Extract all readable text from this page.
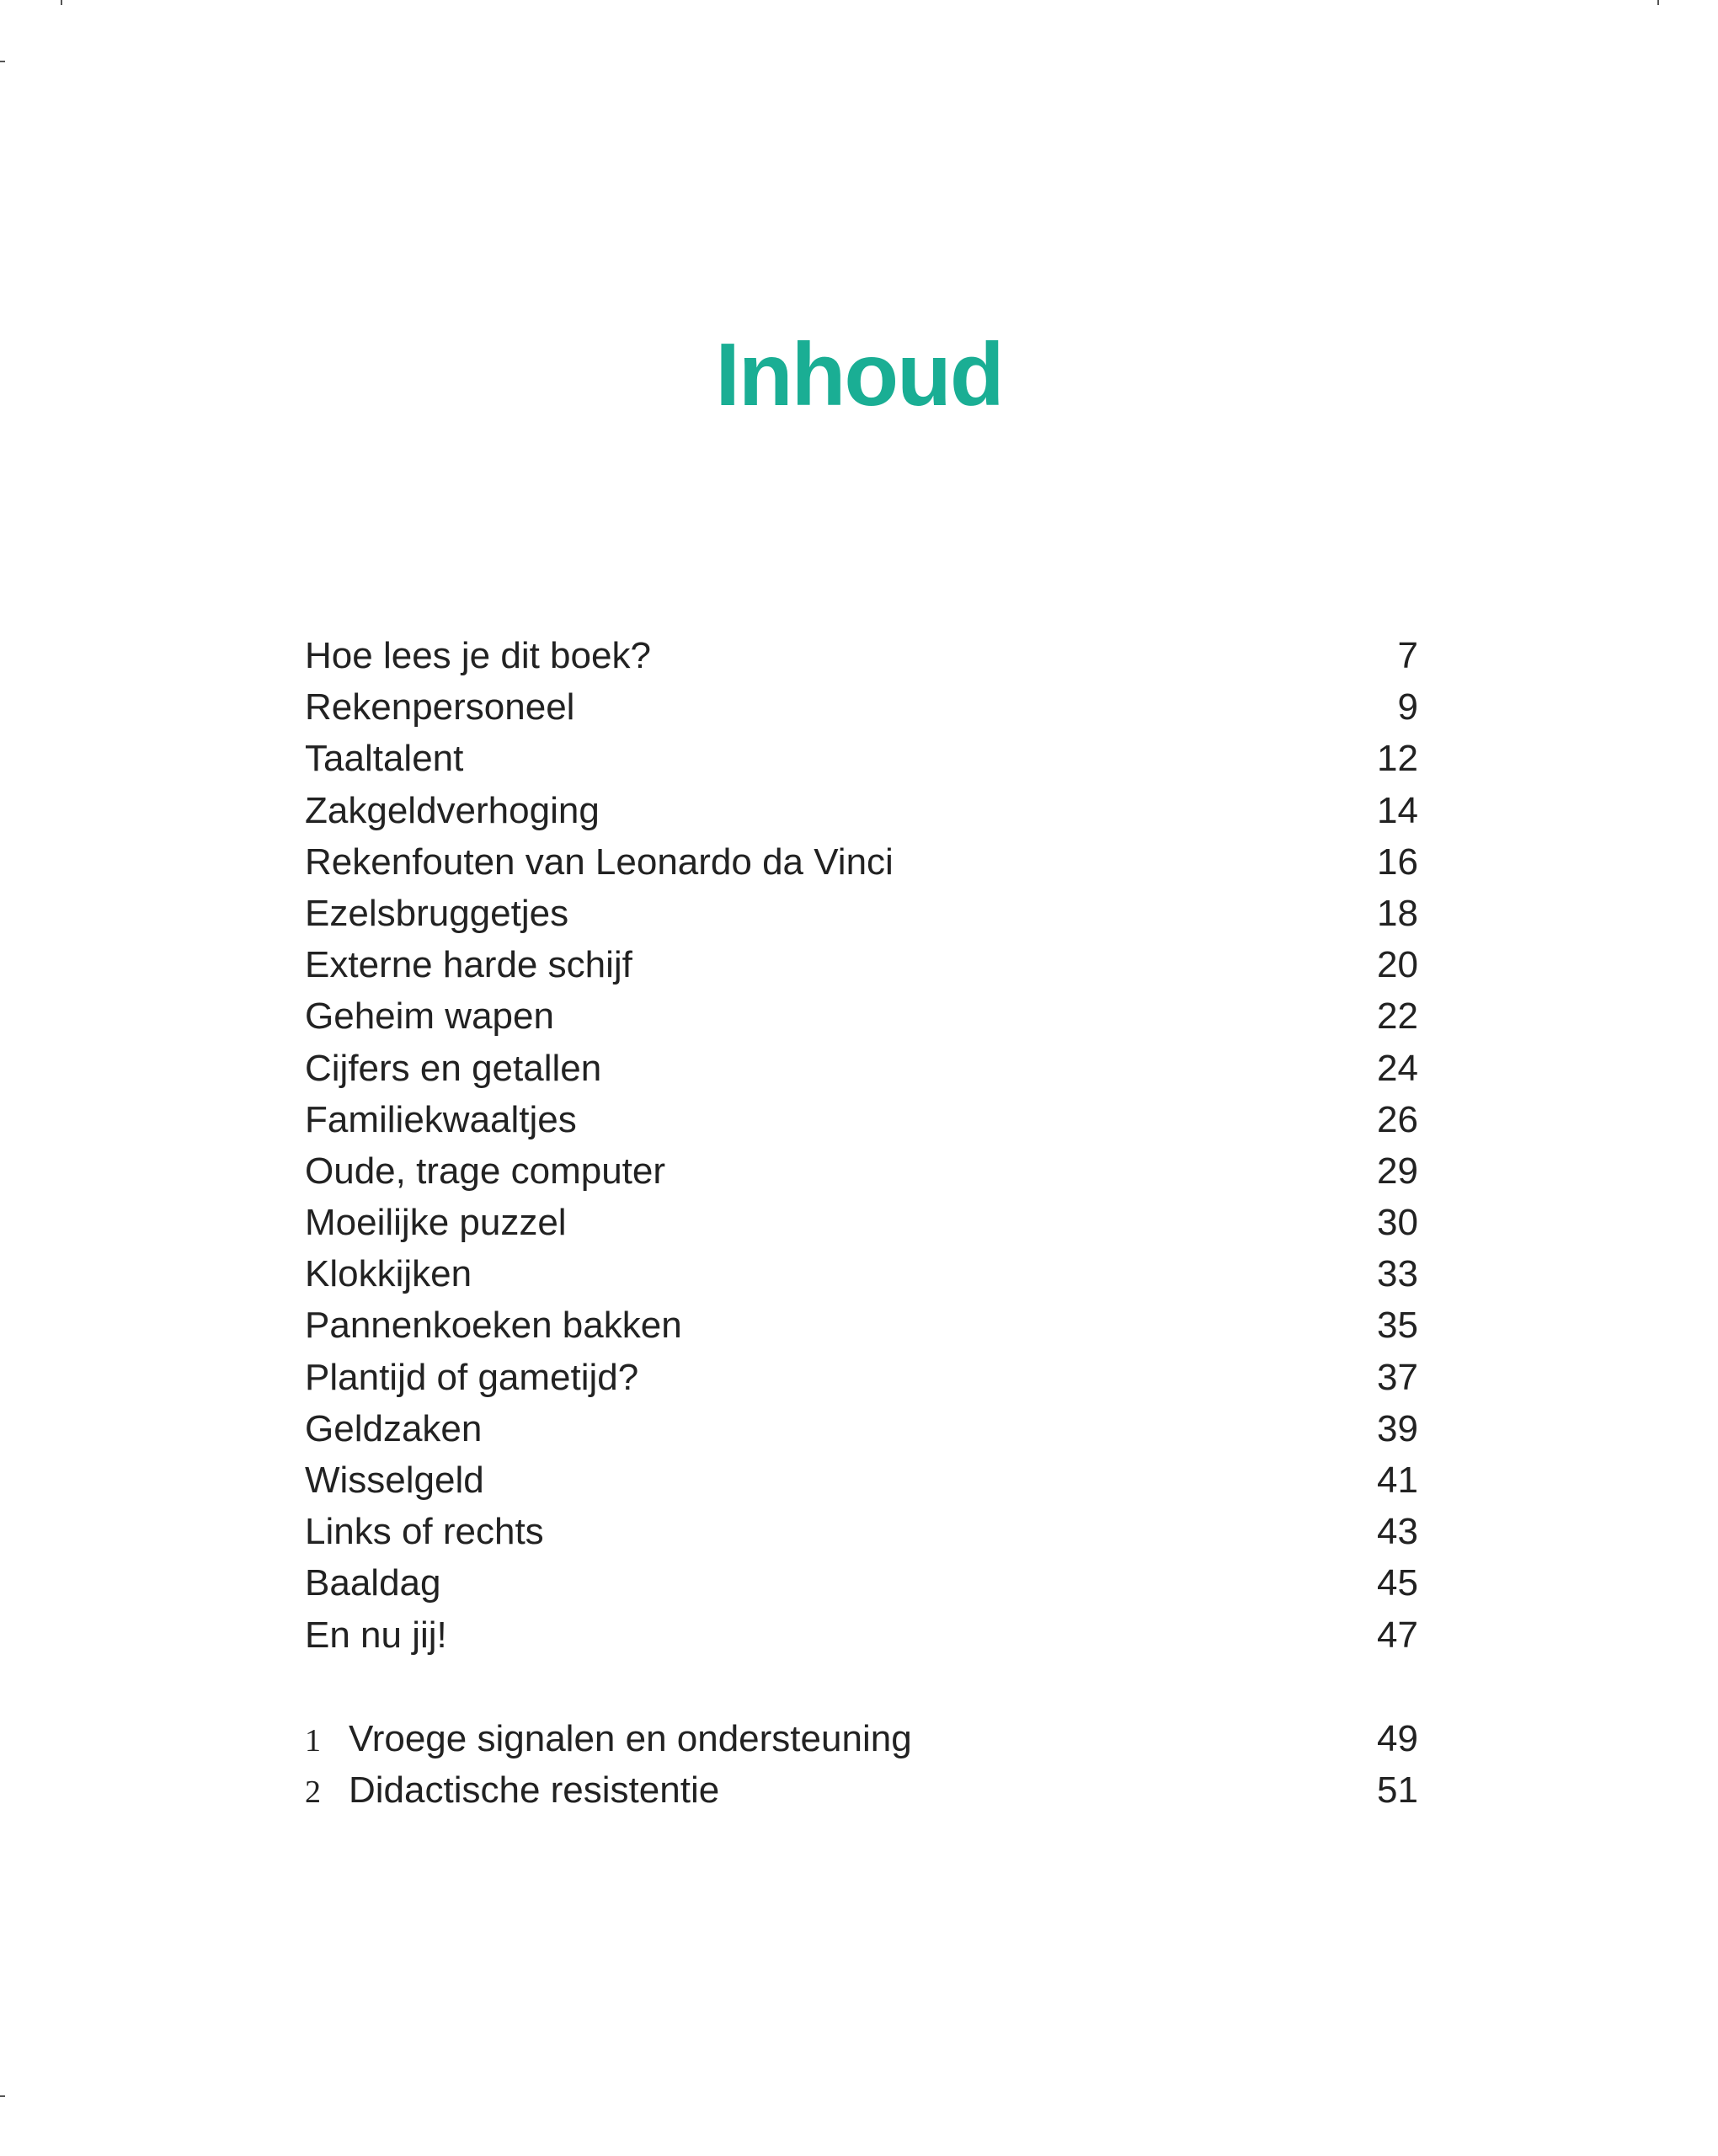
Inhoud
Hoe lees je dit boek?	7
Rekenpersoneel	9
Taaltalent	12
Zakgeldverhoging	14
Rekenfouten van Leonardo da Vinci	16
Ezelsbruggetjes	18
Externe harde schijf	20
Geheim wapen	22
Cijfers en getallen	24
Familiekwaaltjes	26
Oude, trage computer	29
Moeilijke puzzel	30
Klokkijken	33
Pannenkoeken bakken	35
Plantijd of gametijd?	37
Geldzaken	39
Wisselgeld	41
Links of rechts	43
Baaldag	45
En nu jij!	47
1 Vroege signalen en ondersteuning	49
2 Didactische resistentie	51
